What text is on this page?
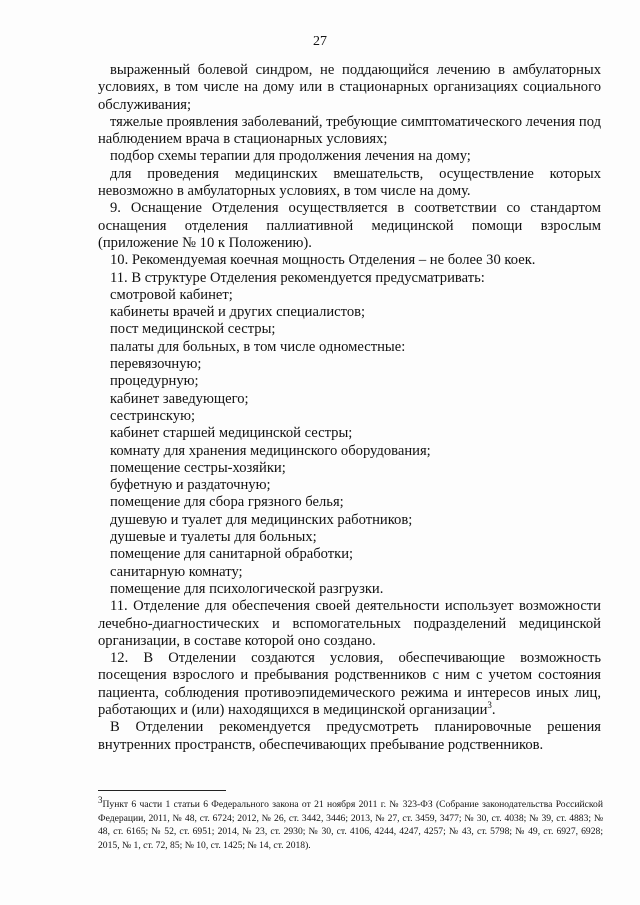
27

выраженный болевой синдром, не поддающийся лечению в амбулаторных условиях, в том числе на дому или в стационарных организациях социального обслуживания;

тяжелые проявления заболеваний, требующие симптоматического лечения под наблюдением врача в стационарных условиях;

подбор схемы терапии для продолжения лечения на дому;

для проведения медицинских вмешательств, осуществление которых невозможно в амбулаторных условиях, в том числе на дому.

9. Оснащение Отделения осуществляется в соответствии со стандартом оснащения отделения паллиативной медицинской помощи взрослым (приложение № 10 к Положению).

10. Рекомендуемая коечная мощность Отделения – не более 30 коек.

11. В структуре Отделения рекомендуется предусматривать:

смотровой кабинет;

кабинеты врачей и других специалистов;

пост медицинской сестры;

палаты для больных, в том числе одноместные:

перевязочную;

процедурную;

кабинет заведующего;

сестринскую;

кабинет старшей медицинской сестры;

комнату для хранения медицинского оборудования;

помещение сестры-хозяйки;

буфетную и раздаточную;

помещение для сбора грязного белья;

душевую и туалет для медицинских работников;

душевые и туалеты для больных;

помещение для санитарной обработки;

санитарную комнату;

помещение для психологической разгрузки.

11. Отделение для обеспечения своей деятельности использует возможности лечебно-диагностических и вспомогательных подразделений медицинской организации, в составе которой оно создано.

12. В Отделении создаются условия, обеспечивающие возможность посещения взрослого и пребывания родственников с ним с учетом состояния пациента, соблюдения противоэпидемического режима и интересов иных лиц, работающих и (или) находящихся в медицинской организации$^3$.

В Отделении рекомендуется предусмотреть планировочные решения внутренних пространств, обеспечивающих пребывание родственников.

$^3$Пункт 6 части 1 статьи 6 Федерального закона от 21 ноября 2011 г. № 323-ФЗ (Собрание законодательства Российской Федерации, 2011, № 48, ст. 6724; 2012, № 26, ст. 3442, 3446; 2013, № 27, ст. 3459, 3477; № 30, ст. 4038; № 39, ст. 4883; № 48, ст. 6165; № 52, ст. 6951; 2014, № 23, ст. 2930; № 30, ст. 4106, 4244, 4247, 4257; № 43, ст. 5798; № 49, ст. 6927, 6928; 2015, № 1, ст. 72, 85; № 10, ст. 1425; № 14, ст. 2018).
